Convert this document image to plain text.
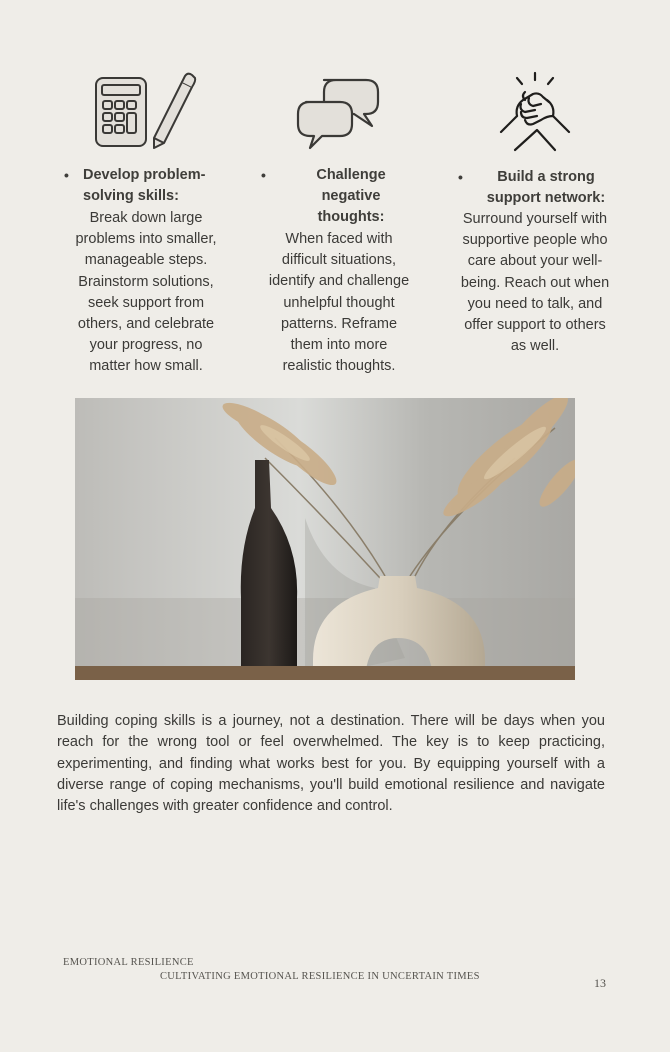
• Develop problem-
solving skills:
Break down large
problems into smaller,
manageable steps.
Brainstorm solutions,
seek support from
others, and celebrate
your progress, no
matter how small.
•	Challenge
negative
thoughts:
When faced with
difficult situations,
identify and challenge
unhelpful thought
patterns. Reframe
them into more
realistic thoughts.
•	Build a strong
support network:
Surround yourself with
supportive people who
care about your well-
being. Reach out when
you need to talk, and
offer support to others
as well.
Building coping skills is a journey, not a destination. There will be days when you reach for the wrong tool or feel overwhelmed. The key is to keep practicing, experimenting, and finding what works best for you. By equipping yourself with a diverse range of coping mechanisms, you'll build emotional resilience and navigate life's challenges with greater confidence and control.
EMOTIONAL RESILIENCE
CULTIVATING EMOTIONAL RESILIENCE IN UNCERTAIN TIMES	13
